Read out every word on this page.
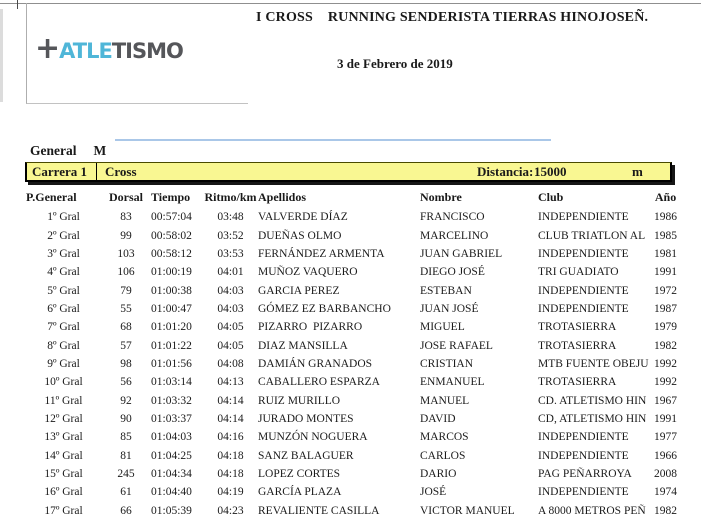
+atletismo
I CROSS    RUNNING SENDERISTA TIERRAS HINOJOSEÑ.
3 de Febrero de 2019
General M
Carrera 1 Cross	Distancia: 15000	m
P.General	Dorsal	Tiempo	Ritmo/km	Apellidos	Nombre	Club	Año
1º Gral	83	00:57:04	03:48	VALVERDE DÍAZ	FRANCISCO	INDEPENDIENTE	1986
2º Gral	99	00:58:02	03:52	DUEÑAS OLMO	MARCELINO	CLUB TRIATLON AL	1985
3º Gral	103	00:58:12	03:53	FERNÁNDEZ ARMENTA	JUAN GABRIEL	INDEPENDIENTE	1981
4º Gral	106	01:00:19	04:01	MUÑOZ VAQUERO	DIEGO JOSÉ	TRI GUADIATO	1991
5º Gral	79	01:00:38	04:03	GARCIA PEREZ	ESTEBAN	INDEPENDIENTE	1972
6º Gral	55	01:00:47	04:03	GÓMEZ EZ BARBANCHO	JUAN JOSÉ	INDEPENDIENTE	1987
7º Gral	68	01:01:20	04:05	PIZARRO  PIZARRO	MIGUEL	TROTASIERRA	1979
8º Gral	57	01:01:22	04:05	DIAZ MANSILLA	JOSE RAFAEL	TROTASIERRA	1982
9º Gral	98	01:01:56	04:08	DAMIÁN GRANADOS	CRISTIAN	MTB FUENTE OBEJU	1992
10º Gral	56	01:03:14	04:13	CABALLERO ESPARZA	ENMANUEL	TROTASIERRA	1992
11º Gral	92	01:03:32	04:14	RUIZ MURILLO	MANUEL	CD. ATLETISMO HIN	1967
12º Gral	90	01:03:37	04:14	JURADO MONTES	DAVID	CD, ATLETISMO HIN	1991
13º Gral	85	01:04:03	04:16	MUNZÓN NOGUERA	MARCOS	INDEPENDIENTE	1977
14º Gral	81	01:04:25	04:18	SANZ BALAGUER	CARLOS	INDEPENDIENTE	1966
15º Gral	245	01:04:34	04:18	LOPEZ CORTES	DARIO	PAG PEÑARROYA	2008
16º Gral	61	01:04:40	04:19	GARCÍA PLAZA	JOSÉ	INDEPENDIENTE	1974
17º Gral	66	01:05:39	04:23	REVALIENTE CASILLA	VICTOR MANUEL	A 8000 METROS PEÑ	1982
